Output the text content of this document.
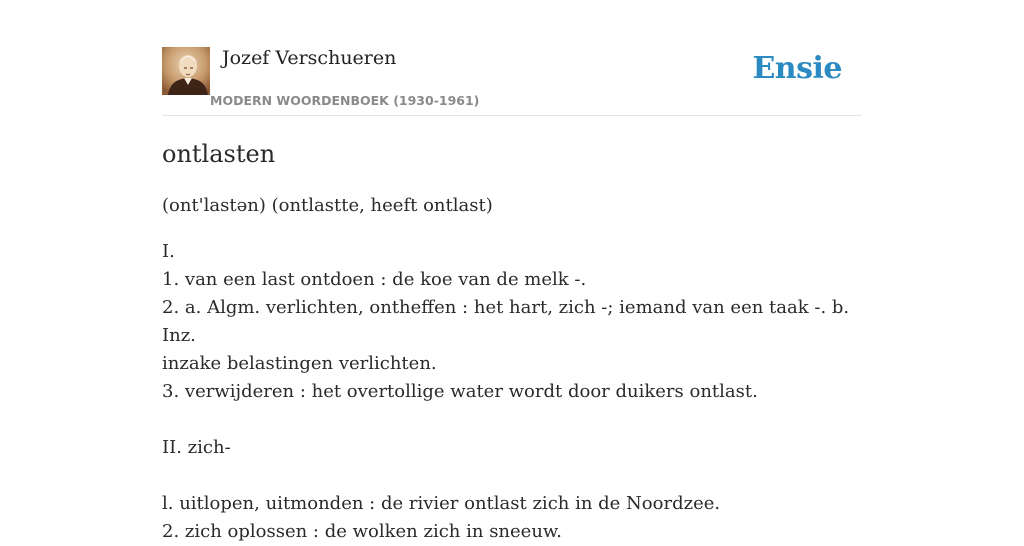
Jozef Verschueren
MODERN WOORDENBOEK (1930-1961)
Ensie
ontlasten
(ont'lastən) (ontlastte, heeft ontlast)
I.
1. van een last ontdoen : de koe van de melk -.
2. a. Algm. verlichten, ontheffen : het hart, zich -; iemand van een taak -. b. Inz.
inzake belastingen verlichten.
3. verwijderen : het overtollige water wordt door duikers ontlast.
II. zich-
l. uitlopen, uitmonden : de rivier ontlast zich in de Noordzee.
2. zich oplossen : de wolken zich in sneeuw.
